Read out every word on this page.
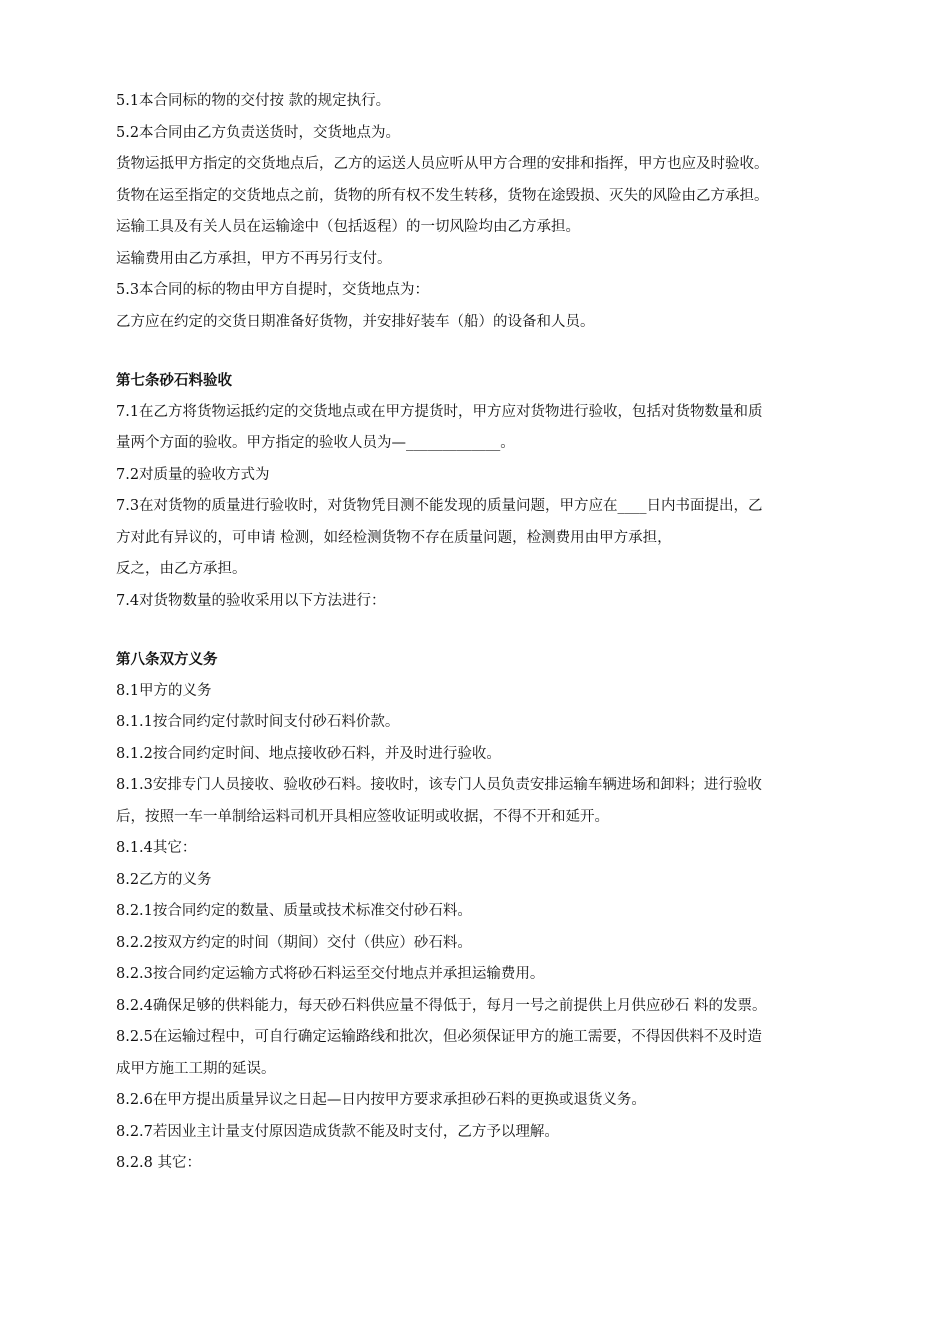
5.1本合同标的物的交付按 款的规定执行。
5.2本合同由乙方负责送货时，交货地点为。
货物运抵甲方指定的交货地点后，乙方的运送人员应听从甲方合理的安排和指挥，甲方也应及时验收。
货物在运至指定的交货地点之前，货物的所有权不发生转移，货物在途毁损、灭失的风险由乙方承担。
运输工具及有关人员在运输途中（包括返程）的一切风险均由乙方承担。
运输费用由乙方承担，甲方不再另行支付。
5.3本合同的标的物由甲方自提时，交货地点为：
乙方应在约定的交货日期准备好货物，并安排好装车（船）的设备和人员。
第七条砂石料验收
7.1在乙方将货物运抵约定的交货地点或在甲方提货时，甲方应对货物进行验收，包括对货物数量和质
量两个方面的验收。甲方指定的验收人员为—_____________。
7.2对质量的验收方式为
7.3在对货物的质量进行验收时，对货物凭目测不能发现的质量问题，甲方应在____日内书面提出，乙
方对此有异议的，可申请 检测，如经检测货物不存在质量问题，检测费用由甲方承担，
反之，由乙方承担。
7.4对货物数量的验收采用以下方法进行：
第八条双方义务
8.1甲方的义务
8.1.1按合同约定付款时间支付砂石料价款。
8.1.2按合同约定时间、地点接收砂石料，并及时进行验收。
8.1.3安排专门人员接收、验收砂石料。接收时，该专门人员负责安排运输车辆进场和卸料；进行验收
后，按照一车一单制给运料司机开具相应签收证明或收据，不得不开和延开。
8.1.4其它：
8.2乙方的义务
8.2.1按合同约定的数量、质量或技术标准交付砂石料。
8.2.2按双方约定的时间（期间）交付（供应）砂石料。
8.2.3按合同约定运输方式将砂石料运至交付地点并承担运输费用。
8.2.4确保足够的供料能力，每天砂石料供应量不得低于，每月一号之前提供上月供应砂石 料的发票。
8.2.5在运输过程中，可自行确定运输路线和批次，但必须保证甲方的施工需要，不得因供料不及时造
成甲方施工工期的延误。
8.2.6在甲方提出质量异议之日起—日内按甲方要求承担砂石料的更换或退货义务。
8.2.7若因业主计量支付原因造成货款不能及时支付，乙方予以理解。
8.2.8 其它：
